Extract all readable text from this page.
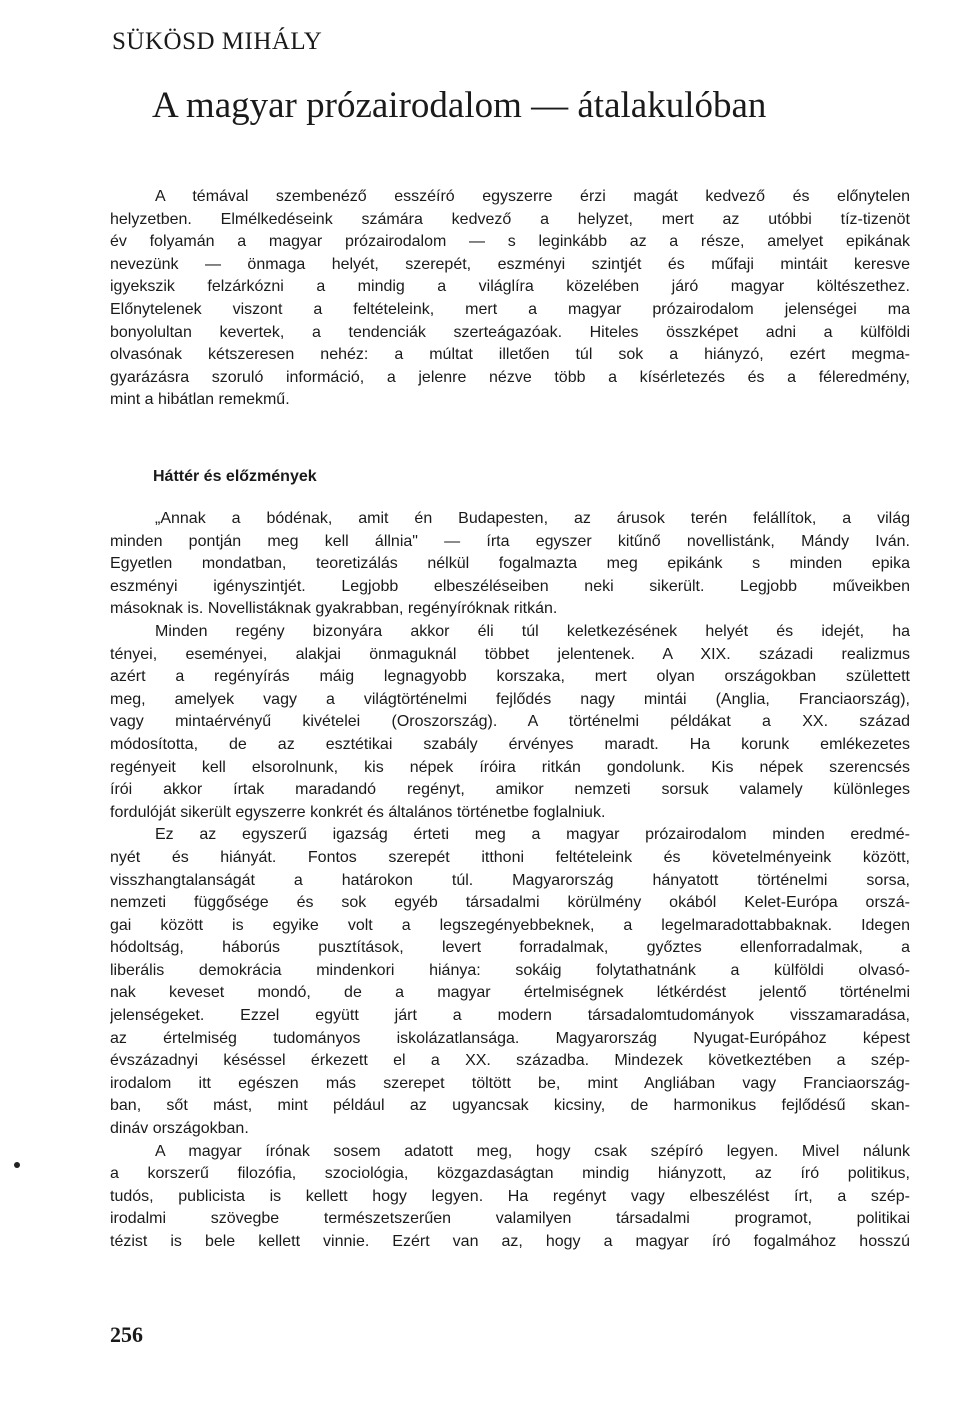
SÜKÖSD MIHÁLY
A magyar prózairodalom — átalakulóban
A témával szembenéző esszéíró egyszerre érzi magát kedvező és előnytelen
helyzetben. Elmélkedéseink számára kedvező a helyzet, mert az utóbbi tíz-tizenöt
év folyamán a magyar prózairodalom — s leginkább az a része, amelyet epikának
nevezünk — önmaga helyét, szerepét, eszményi szintjét és műfaji mintáit keresve
igyekszik felzárkózni a mindig a világlíra közelében járó magyar költészethez.
Előnytelenek viszont a feltételeink, mert a magyar prózairodalom jelenségei ma
bonyolultan kevertek, a tendenciák szerteágazóak. Hiteles összképet adni a külföldi
olvasónak kétszeresen nehéz: a múltat illetően túl sok a hiányzó, ezért megma-
gyarázásra szoruló információ, a jelenre nézve több a kísérletezés és a féleredmény,
mint a hibátlan remekmű.
Háttér és előzmények
„Annak a bódénak, amit én Budapesten, az árusok terén felállítok, a világ
minden pontján meg kell állnia" — írta egyszer kitűnő novellistánk, Mándy Iván.
Egyetlen mondatban, teoretizálás nélkül fogalmazta meg epikánk s minden epika
eszményi igényszintjét. Legjobb elbeszéléseiben neki sikerült. Legjobb műveikben
másoknak is. Novellistáknak gyakrabban, regényíróknak ritkán.
Minden regény bizonyára akkor éli túl keletkezésének helyét és idejét, ha
tényei, eseményei, alakjai önmaguknál többet jelentenek. A XIX. századi realizmus
azért a regényírás máig legnagyobb korszaka, mert olyan országokban születtett
meg, amelyek vagy a világtörténelmi fejlődés nagy mintái (Anglia, Franciaország),
vagy mintaérvényű kivételei (Oroszország). A történelmi példákat a XX. század
módosította, de az esztétikai szabály érvényes maradt. Ha korunk emlékezetes
regényeit kell elsorolnunk, kis népek íróira ritkán gondolunk. Kis népek szerencsés
írói akkor írtak maradandó regényt, amikor nemzeti sorsuk valamely különleges
fordulóját sikerült egyszerre konkrét és általános történetbe foglalniuk.
Ez az egyszerű igazság érteti meg a magyar prózairodalom minden eredmé-
nyét és hiányát. Fontos szerepét itthoni feltételeink és követelményeink között,
visszhangtalanságát a határokon túl. Magyarország hányatott történelmi sorsa,
nemzeti függősége és sok egyéb társadalmi körülmény okából Kelet-Európa orszá-
gai között is egyike volt a legszegényebbeknek, a legelmaradottabbaknak. Idegen
hódoltság, háborús pusztítások, levert forradalmak, győztes ellenforradalmak, a
liberális demokrácia mindenkori hiánya: sokáig folytathatnánk a külföldi olvasó-
nak keveset mondó, de a magyar értelmiségnek létkérdést jelentő történelmi
jelenségeket. Ezzel együtt járt a modern társadalomtudományok visszamaradása,
az értelmiség tudományos iskolázatlansága. Magyarország Nyugat-Európához képest
évszázadnyi késéssel érkezett el a XX. századba. Mindezek következtében a szép-
irodalom itt egészen más szerepet töltött be, mint Angliában vagy Franciaország-
ban, sőt mást, mint például az ugyancsak kicsiny, de harmonikus fejlődésű skan-
dináv országokban.
A magyar írónak sosem adatott meg, hogy csak szépíró legyen. Mivel nálunk
a korszerű filozófia, szociológia, közgazdaságtan mindig hiányzott, az író politikus,
tudós, publicista is kellett hogy legyen. Ha regényt vagy elbeszélést írt, a szép-
irodalmi szövegbe természetszerűen valamilyen társadalmi programot, politikai
tézist is bele kellett vinnie. Ezért van az, hogy a magyar író fogalmához hosszú
256
